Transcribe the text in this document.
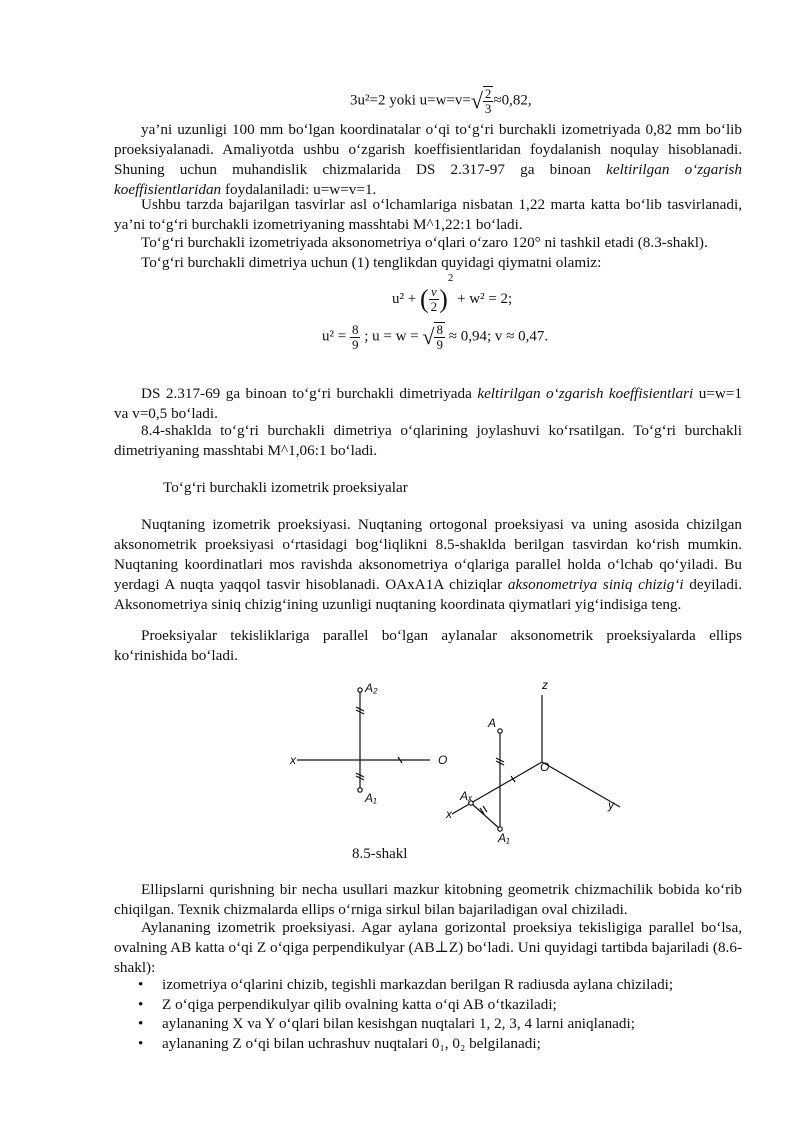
3u²=2 yoki $u=w=v=√ \frac{2}{3} \approx 0,82$,

ya’ni uzunligi 100 mm bo‘lgan koordinatalar o‘qi to‘g‘ri burchakli izometriyada 0,82 mm bo‘lib proeksiyalanadi. Amaliyotda ushbu o‘zgarish koeffisientlaridan foydalanish noqulay hisoblanadi. Shuning uchun muhandislik chizmalarida DS 2.317-97 ga binoan keltirilgan o‘zgarish koeffisientlaridan foydalaniladi: u=w=v=1.

Ushbu tarzda bajarilgan tasvirlar asl o‘lchamlariga nisbatan 1,22 marta katta bo‘lib tasvirlanadi, ya’ni to‘g‘ri burchakli izometriyaning masshtabi M^1,22:1 bo‘ladi.

To‘g‘ri burchakli izometriyada aksonometriya o‘qlari o‘zaro 120° ni tashkil etadi (8.3-shakl).

To‘g‘ri burchakli dimetriya uchun (1) tenglikdan quyidagi qiymatni olamiz:

u² + ( $\frac{v}{2} )^2 + w^2 = 2$;
$u^2 = \frac{8}{9}$ ; u = w = √ $\frac{8}{9} \approx 0,94$; v ≈ 0,47.

DS 2.317-69 ga binoan to‘g‘ri burchakli dimetriyada keltirilgan o‘zgarish koeffisientlari u=w=1 va v=0,5 bo‘ladi.

8.4-shaklda to‘g‘ri burchakli dimetriya o‘qlarining joylashuvi ko‘rsatilgan. To‘g‘ri burchakli dimetriyaning masshtabi M^1,06:1 bo‘ladi.

To‘g‘ri burchakli izometrik proeksiyalar

Nuqtaning izometrik proeksiyasi. Nuqtaning ortogonal proeksiyasi va uning asosida chizilgan aksonometrik proeksiyasi o‘rtasidagi bog‘liqlikni 8.5-shaklda berilgan tasvirdan ko‘rish mumkin. Nuqtaning koordinatlari mos ravishda aksonometriya o‘qlariga parallel holda o‘lchab qo‘yiladi. Bu yerdagi A nuqta yaqqol tasvir hisoblanadi. OAxA1A chiziqlar aksonometriya siniq chizig‘i deyiladi. Aksonometriya siniq chizig‘ining uzunligi nuqtaning koordinata qiymatlari yig‘indisiga teng.

Proeksiyalar tekisliklariga parallel bo‘lgan aylanalar aksonometrik proeksiyalarda ellips ko‘rinishida bo‘ladi.

x	O
A₂
A₁
z
O
y
x
A
Aₓ
A₁
8.5-shakl

Ellipslarni qurishning bir necha usullari mazkur kitobning geometrik chizmachilik bobida ko‘rib chiqilgan. Texnik chizmalarda ellips o‘rniga sirkul bilan bajariladigan oval chiziladi.

Aylananing izometrik proeksiyasi. Agar aylana gorizontal proeksiya tekisligiga parallel bo‘lsa, ovalning AB katta o‘qi Z o‘qiga perpendikulyar (AB⊥Z) bo‘ladi. Uni quyidagi tartibda bajariladi (8.6-shakl):

• izometriya o‘qlarini chizib, tegishli markazdan berilgan R radiusda aylana chiziladi;
• Z o‘qiga perpendikulyar qilib ovalning katta o‘qi AB o‘tkaziladi;
• aylananing X va Y o‘qlari bilan kesishgan nuqtalari 1, 2, 3, 4 larni aniqlanadi;
• aylananing Z o‘qi bilan uchrashuv nuqtalari 0₁, 0₂ belgilanadi;
